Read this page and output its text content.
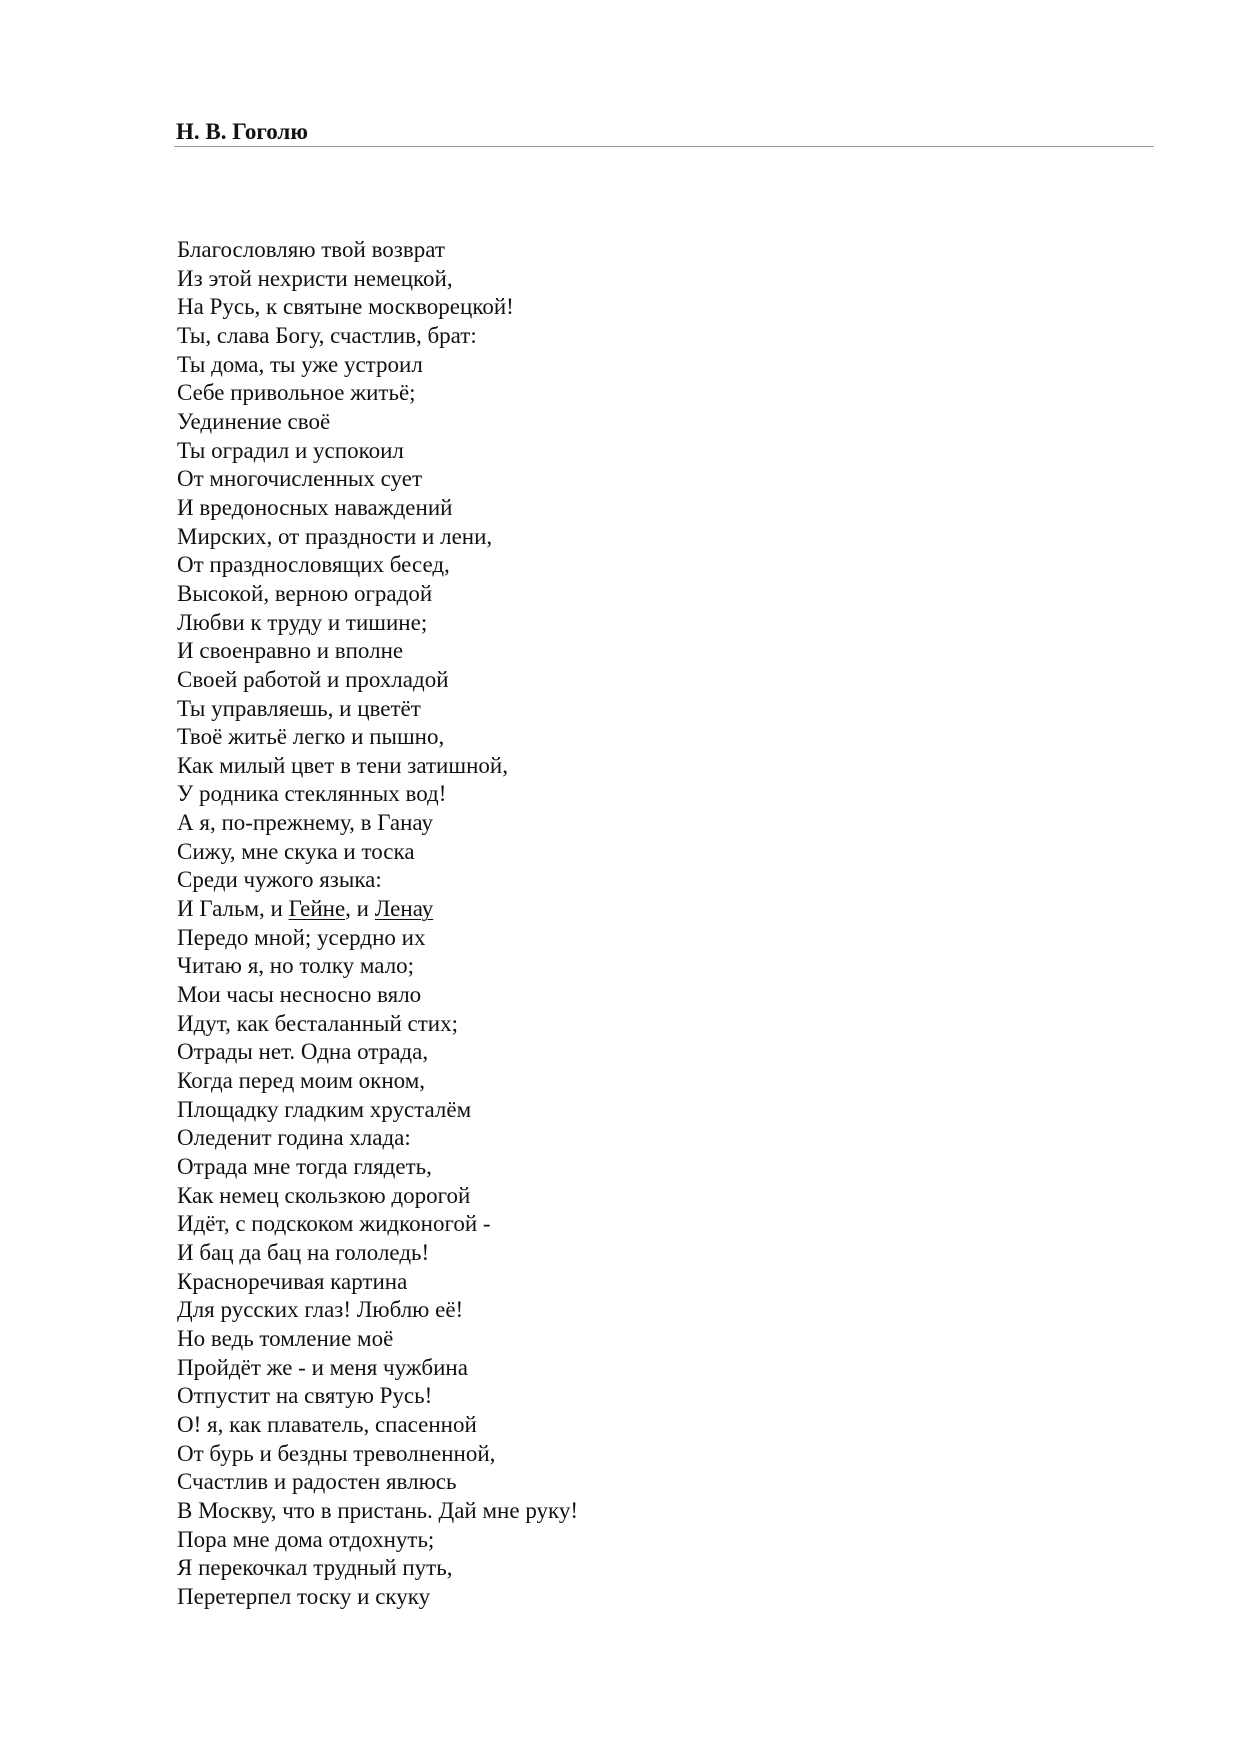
Н. В. Гоголю
Благословляю твой возврат
Из этой нехристи немецкой,
На Русь, к святыне москворецкой!
Ты, слава Богу, счастлив, брат:
Ты дома, ты уже устроил
Себе привольное житьё;
Уединение своё
Ты оградил и успокоил
От многочисленных сует
И вредоносных наваждений
Мирских, от праздности и лени,
От празднословящих бесед,
Высокой, верною оградой
Любви к труду и тишине;
И своенравно и вполне
Своей работой и прохладой
Ты управляешь, и цветёт
Твоё житьё легко и пышно,
Как милый цвет в тени затишной,
У родника стеклянных вод!
А я, по-прежнему, в Ганау
Сижу, мне скука и тоска
Среди чужого языка:
И Гальм, и Гейне, и Ленау
Передо мной; усердно их
Читаю я, но толку мало;
Мои часы несносно вяло
Идут, как бесталанный стих;
Отрады нет. Одна отрада,
Когда перед моим окном,
Площадку гладким хрусталём
Оледенит година хлада:
Отрада мне тогда глядеть,
Как немец скользкою дорогой
Идёт, с подскоком жидконогой -
И бац да бац на гололедь!
Красноречивая картина
Для русских глаз! Люблю её!
Но ведь томление моё
Пройдёт же - и меня чужбина
Отпустит на святую Русь!
О! я, как плаватель, спасенной
От бурь и бездны треволненной,
Счастлив и радостен явлюсь
В Москву, что в пристань. Дай мне руку!
Пора мне дома отдохнуть;
Я перекочкал трудный путь,
Перетерпел тоску и скуку
